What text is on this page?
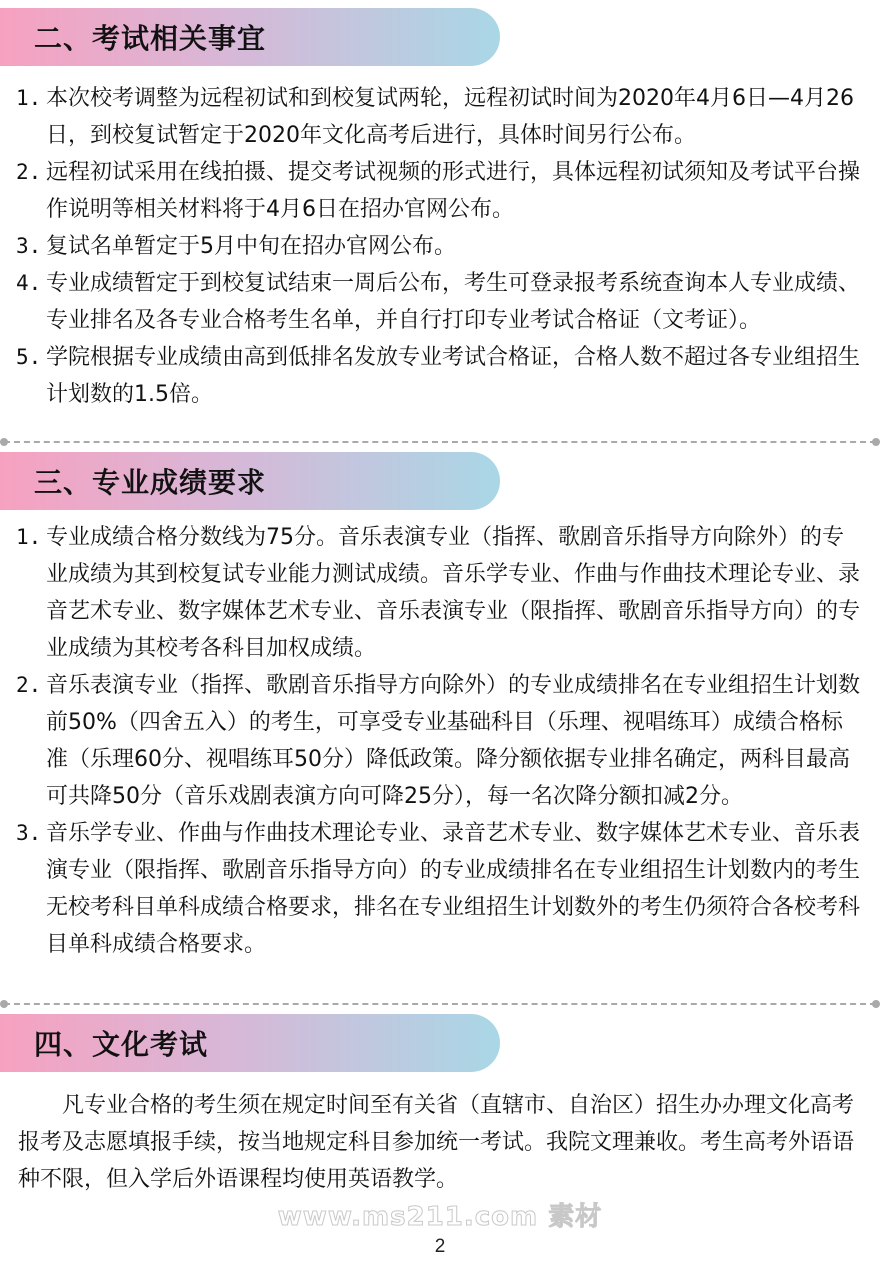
二、考试相关事宜
1. 本次校考调整为远程初试和到校复试两轮，远程初试时间为2020年4月6日—4月26日，到校复试暂定于2020年文化高考后进行，具体时间另行公布。
2. 远程初试采用在线拍摄、提交考试视频的形式进行，具体远程初试须知及考试平台操作说明等相关材料将于4月6日在招办官网公布。
3. 复试名单暂定于5月中旬在招办官网公布。
4. 专业成绩暂定于到校复试结束一周后公布，考生可登录报考系统查询本人专业成绩、专业排名及各专业合格考生名单，并自行打印专业考试合格证（文考证）。
5. 学院根据专业成绩由高到低排名发放专业考试合格证，合格人数不超过各专业组招生计划数的1.5倍。
三、专业成绩要求
1. 专业成绩合格分数线为75分。音乐表演专业（指挥、歌剧音乐指导方向除外）的专业成绩为其到校复试专业能力测试成绩。音乐学专业、作曲与作曲技术理论专业、录音艺术专业、数字媒体艺术专业、音乐表演专业（限指挥、歌剧音乐指导方向）的专业成绩为其校考各科目加权成绩。
2. 音乐表演专业（指挥、歌剧音乐指导方向除外）的专业成绩排名在专业组招生计划数前50%（四舍五入）的考生，可享受专业基础科目（乐理、视唱练耳）成绩合格标准（乐理60分、视唱练耳50分）降低政策。降分额依据专业排名确定，两科目最高可共降50分（音乐戏剧表演方向可降25分），每一名次降分额扣减2分。
3. 音乐学专业、作曲与作曲技术理论专业、录音艺术专业、数字媒体艺术专业、音乐表演专业（限指挥、歌剧音乐指导方向）的专业成绩排名在专业组招生计划数内的考生无校考科目单科成绩合格要求，排名在专业组招生计划数外的考生仍须符合各校考科目单科成绩合格要求。
四、文化考试

凡专业合格的考生须在规定时间至有关省（直辖市、自治区）招生办办理文化高考报考及志愿填报手续，按当地规定科目参加统一考试。我院文理兼收。考生高考外语语种不限，但入学后外语课程均使用英语教学。

www.ms211.com 素材
2
